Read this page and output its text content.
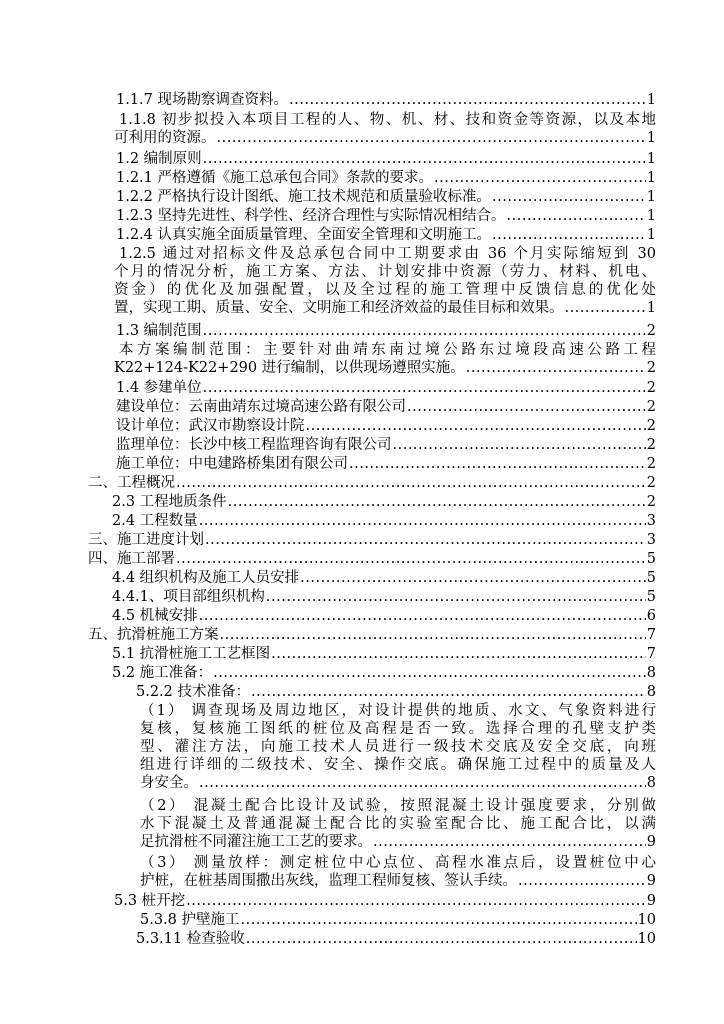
1.1.7 现场勘察调查资料。 .....	1
1.1.8 初步拟投入本项目工程的人、物、机、材、技和资金等资源，以及本地
可利用的资源。 .....	1
1.2 编制原则 .....	1
1.2.1 严格遵循《施工总承包合同》条款的要求。 .....	1
1.2.2 严格执行设计图纸、施工技术规范和质量验收标准。 .....	1
1.2.3 坚持先进性、科学性、经济合理性与实际情况相结合。 .....	1
1.2.4 认真实施全面质量管理、全面安全管理和文明施工。 .....	1
1.2.5 通过对招标文件及总承包合同中工期要求由 36 个月实际缩短到 30
个月的情况分析，施工方案、方法、计划安排中资源（劳力、材料、机电、
资金）的优化及加强配置，以及全过程的施工管理中反馈信息的优化处
置，实现工期、质量、安全、文明施工和经济效益的最佳目标和效果。 .....	1
1.3 编制范围 .....	2
本方案编制范围：主要针对曲靖东南过境公路东过境段高速公路工程
K22+124-K22+290 进行编制，以供现场遵照实施。 .....	2
1.4 参建单位 .....	2
建设单位：云南曲靖东过境高速公路有限公司 .....	2
设计单位：武汉市勘察设计院 .....	2
监理单位：长沙中核工程监理咨询有限公司 .....	2
施工单位：中电建路桥集团有限公司 .....	2
二、工程概况 .....	2
2.3 工程地质条件 .....	2
2.4 工程数量 .....	3
三、施工进度计划 .....	3
四、施工部署 .....	5
4.4 组织机构及施工人员安排 .....	5
4.4.1、项目部组织机构 .....	5
4.5 机械安排 .....	6
五、抗滑桩施工方案 .....	7
5.1 抗滑桩施工工艺框图 .....	7
5.2 施工准备： .....	8
5.2.2 技术准备： .....	8
（1） 调查现场及周边地区，对设计提供的地质、水文、气象资料进行
复核，复核施工图纸的桩位及高程是否一致。选择合理的孔壁支护类
型、灌注方法，向施工技术人员进行一级技术交底及安全交底，向班
组进行详细的二级技术、安全、操作交底。确保施工过程中的质量及人
身安全。 .....	8
（2） 混凝土配合比设计及试验，按照混凝土设计强度要求，分别做
水下混凝土及普通混凝土配合比的实验室配合比、施工配合比，以满
足抗滑桩不同灌注施工工艺的要求。 .....	9
（3） 测量放样：测定桩位中心点位、高程水准点后，设置桩位中心
护桩，在桩基周围撒出灰线，监理工程师复核、签认手续。 .....	9
5.3 桩开挖 .....	9
5.3.8 护壁施工 .....	10
5.3.11 检查验收 .....	10
